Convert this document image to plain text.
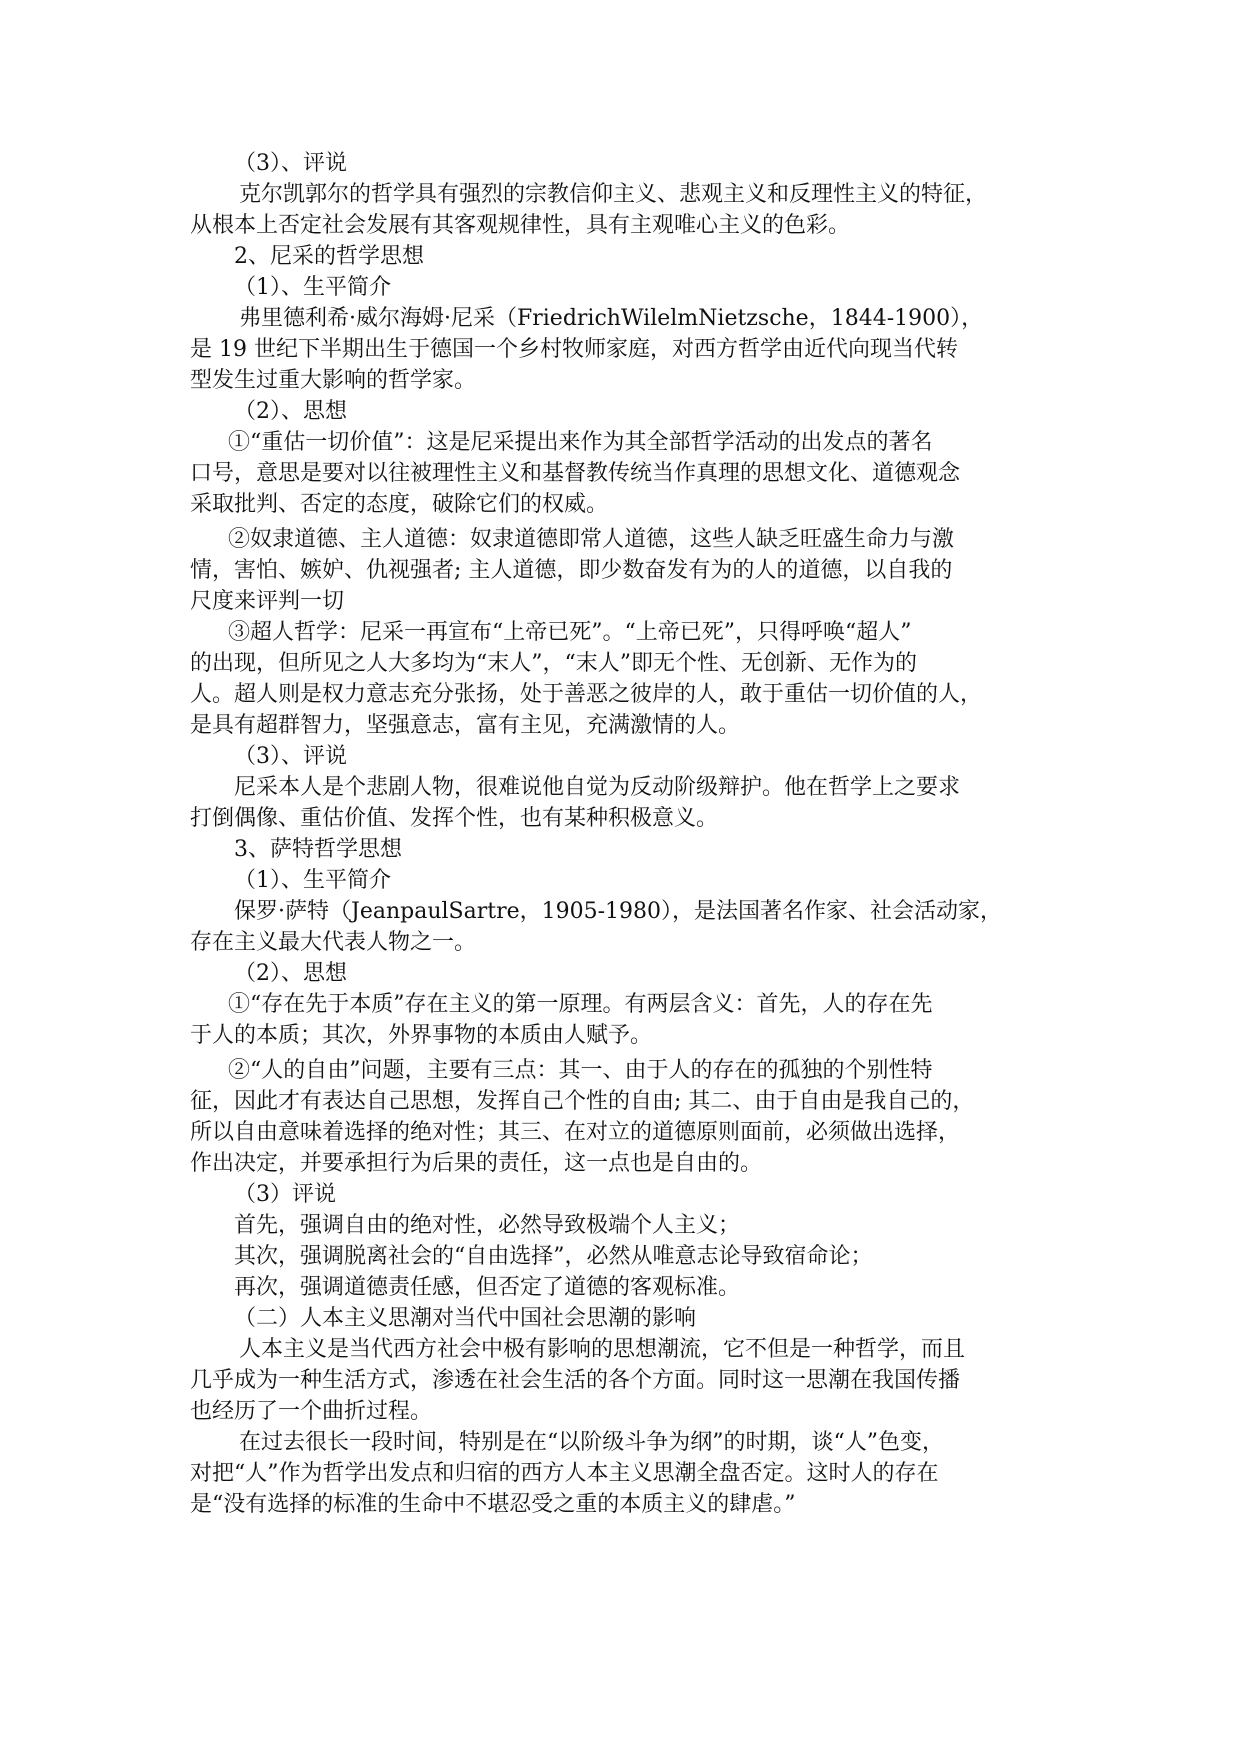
（3）、评说
克尔凯郭尔的哲学具有强烈的宗教信仰主义、悲观主义和反理性主义的特征，
从根本上否定社会发展有其客观规律性，具有主观唯心主义的色彩。
2、尼采的哲学思想
（1）、生平简介
弗里德利希·威尔海姆·尼采（FriedrichWilelmNietzsche，1844-1900），
是 19 世纪下半期出生于德国一个乡村牧师家庭，对西方哲学由近代向现当代转
型发生过重大影响的哲学家。
（2）、思想
①“重估一切价值”：这是尼采提出来作为其全部哲学活动的出发点的著名
口号，意思是要对以往被理性主义和基督教传统当作真理的思想文化、道德观念
采取批判、否定的态度，破除它们的权威。
②奴隶道德、主人道德：奴隶道德即常人道德，这些人缺乏旺盛生命力与激
情，害怕、嫉妒、仇视强者; 主人道德，即少数奋发有为的人的道德，以自我的
尺度来评判一切
③超人哲学：尼采一再宣布“上帝已死”。“上帝已死”，只得呼唤“超人”
的出现，但所见之人大多均为“末人”，“末人”即无个性、无创新、无作为的
人。超人则是权力意志充分张扬，处于善恶之彼岸的人，敢于重估一切价值的人，
是具有超群智力，坚强意志，富有主见，充满激情的人。
（3）、评说
尼采本人是个悲剧人物，很难说他自觉为反动阶级辩护。他在哲学上之要求
打倒偶像、重估价值、发挥个性，也有某种积极意义。
3、萨特哲学思想
（1）、生平简介
保罗·萨特（JeanpaulSartre，1905-1980），是法国著名作家、社会活动家，
存在主义最大代表人物之一。
（2）、思想
①“存在先于本质”存在主义的第一原理。有两层含义：首先，人的存在先
于人的本质；其次，外界事物的本质由人赋予。
②“人的自由”问题，主要有三点：其一、由于人的存在的孤独的个别性特
征，因此才有表达自己思想，发挥自己个性的自由; 其二、由于自由是我自己的，
所以自由意味着选择的绝对性；其三、在对立的道德原则面前，必须做出选择，
作出决定，并要承担行为后果的责任，这一点也是自由的。
（3）评说
首先，强调自由的绝对性，必然导致极端个人主义；
其次，强调脱离社会的“自由选择”，必然从唯意志论导致宿命论；
再次，强调道德责任感，但否定了道德的客观标准。
（二）人本主义思潮对当代中国社会思潮的影响
人本主义是当代西方社会中极有影响的思想潮流，它不但是一种哲学，而且
几乎成为一种生活方式，渗透在社会生活的各个方面。同时这一思潮在我国传播
也经历了一个曲折过程。
在过去很长一段时间，特别是在“以阶级斗争为纲”的时期，谈“人”色变，
对把“人”作为哲学出发点和归宿的西方人本主义思潮全盘否定。这时人的存在
是“没有选择的标准的生命中不堪忍受之重的本质主义的肆虐。”
